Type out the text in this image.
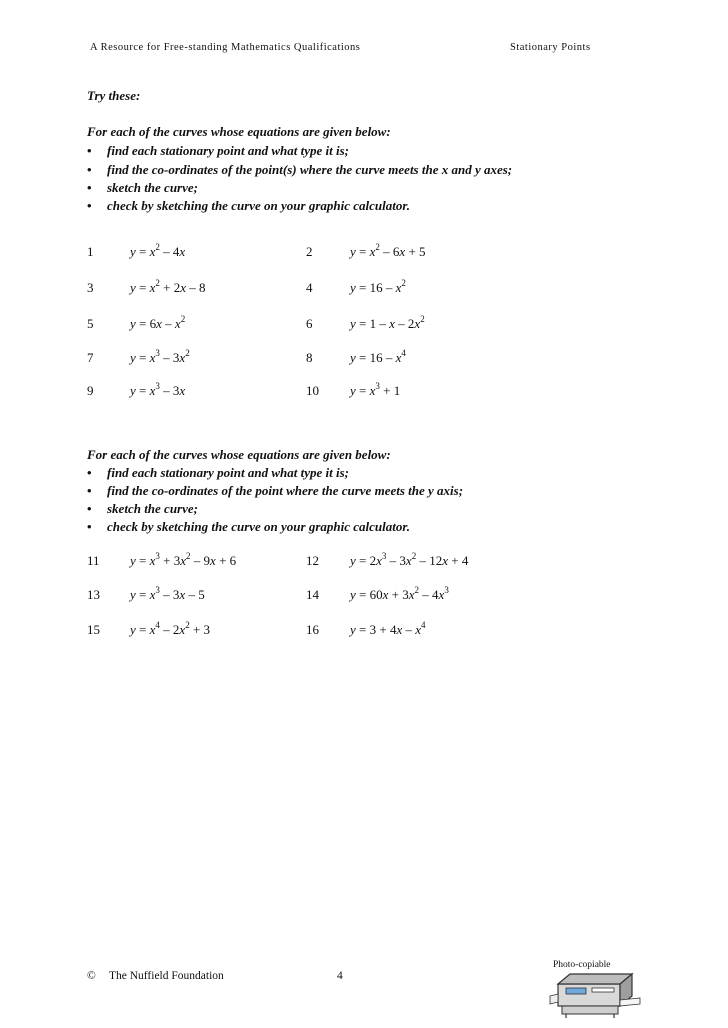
A Resource for Free-standing Mathematics Qualifications	Stationary Points
Try these:
For each of the curves whose equations are given below:
• find each stationary point and what type it is;
• find the co-ordinates of the point(s) where the curve meets the x and y axes;
• sketch the curve;
• check by sketching the curve on your graphic calculator.
1	$y = x^2 - 4x$	2	$y = x^2 - 6x + 5$
3	$y = x^2 + 2x - 8$	4	$y = 16 - x^2$
5	$y = 6x - x^2$	6	$y = 1 - x - 2x^2$
7	$y = x^3 - 3x^2$	8	$y = 16 - x^4$
9	$y = x^3 - 3x$	10 $y = x^3 + 1$
For each of the curves whose equations are given below:
• find each stationary point and what type it is;
• find the co-ordinates of the point where the curve meets the y axis;
• sketch the curve;
• check by sketching the curve on your graphic calculator.
11 $y = x^3 + 3x^2 - 9x + 6$	12 $y = 2x^3 - 3x^2 - 12x + 4$
13 $y = x^3 - 3x - 5$	14 $y = 60x + 3x^2 - 4x^3$
15 $y = x^4 - 2x^2 + 3$	16 $y = 3 + 4x - x^4$
© The Nuffield Foundation	4
Photo-copiable
